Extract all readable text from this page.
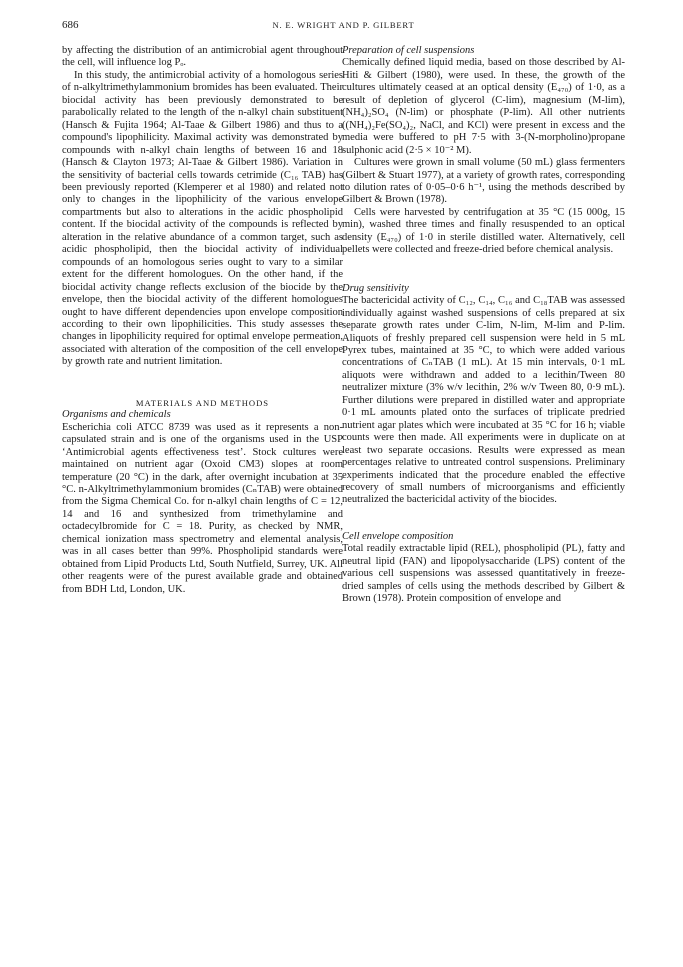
686	N. E. WRIGHT AND P. GILBERT

by affecting the distribution of an antimicrobial agent throughout the cell, will influence log Pₒ.

In this study, the antimicrobial activity of a homologous series of n-alkyltrimethylammonium bromides has been evaluated. Their biocidal activity has been previously demonstrated to be parabolically related to the length of the n-alkyl chain substituent (Hansch & Fujita 1964; Al-Taae & Gilbert 1986) and thus to a compound's lipophilicity. Maximal activity was demonstrated by compounds with n-alkyl chain lengths of between 16 and 18 (Hansch & Clayton 1973; Al-Taae & Gilbert 1986). Variation in the sensitivity of bacterial cells towards cetrimide (C₁₆ TAB) has been previously reported (Klemperer et al 1980) and related not only to changes in the lipophilicity of the various envelope compartments but also to alterations in the acidic phospholipid content. If the biocidal activity of the compounds is reflected by alteration in the relative abundance of a common target, such as acidic phospholipid, then the biocidal activity of individual compounds of an homologous series ought to vary to a similar extent for the different homologues. On the other hand, if the biocidal activity change reflects exclusion of the biocide by the envelope, then the biocidal activity of the different homologues ought to have different dependencies upon envelope composition according to their own lipophilicities. This study assesses the changes in lipophilicity required for optimal envelope permeation, associated with alteration of the composition of the cell envelope by growth rate and nutrient limitation.

MATERIALS AND METHODS

Organisms and chemicals

Escherichia coli ATCC 8739 was used as it represents a non-capsulated strain and is one of the organisms used in the USP ‘Antimicrobial agents effectiveness test’. Stock cultures were maintained on nutrient agar (Oxoid CM3) slopes at room temperature (20 °C) in the dark, after overnight incubation at 35 °C. n-Alkyltrimethylammonium bromides (CₙTAB) were obtained from the Sigma Chemical Co. for n-alkyl chain lengths of C = 12, 14 and 16 and synthesized from trimethylamine and octadecylbromide for C = 18. Purity, as checked by NMR, chemical ionization mass spectrometry and elemental analysis, was in all cases better than 99%. Phospholipid standards were obtained from Lipid Products Ltd, South Nutfield, Surrey, UK. All other reagents were of the purest available grade and obtained from BDH Ltd, London, UK.

Preparation of cell suspensions

Chemically defined liquid media, based on those described by Al-Hiti & Gilbert (1980), were used. In these, the growth of the cultures ultimately ceased at an optical density (E₄₇₀) of 1·0, as a result of depletion of glycerol (C-lim), magnesium (M-lim), (NH₄)₂SO₄ (N-lim) or phosphate (P-lim). All other nutrients ((NH₄)₂Fe(SO₄)₂, NaCl, and KCl) were present in excess and the media were buffered to pH 7·5 with 3-(N-morpholino)propane sulphonic acid (2·5 × 10⁻² M).

Cultures were grown in small volume (50 mL) glass fermenters (Gilbert & Stuart 1977), at a variety of growth rates, corresponding to dilution rates of 0·05–0·6 h⁻¹, using the methods described by Gilbert & Brown (1978).

Cells were harvested by centrifugation at 35 °C (15 000g, 15 min), washed three times and finally resuspended to an optical density (E₄₇₀) of 1·0 in sterile distilled water. Alternatively, cell pellets were collected and freeze-dried before chemical analysis.

Drug sensitivity

The bactericidal activity of C₁₂, C₁₄, C₁₆ and C₁₈TAB was assessed individually against washed suspensions of cells prepared at six separate growth rates under C-lim, N-lim, M-lim and P-lim. Aliquots of freshly prepared cell suspension were held in 5 mL Pyrex tubes, maintained at 35 °C, to which were added various concentrations of CₙTAB (1 mL). At 15 min intervals, 0·1 mL aliquots were withdrawn and added to a lecithin/Tween 80 neutralizer mixture (3% w/v lecithin, 2% w/v Tween 80, 0·9 mL). Further dilutions were prepared in distilled water and appropriate 0·1 mL amounts plated onto the surfaces of triplicate predried nutrient agar plates which were incubated at 35 °C for 16 h; viable counts were then made. All experiments were in duplicate on at least two separate occasions. Results were expressed as mean percentages relative to untreated control suspensions. Preliminary experiments indicated that the procedure enabled the effective recovery of small numbers of microorganisms and efficiently neutralized the bactericidal activity of the biocides.

Cell envelope composition

Total readily extractable lipid (REL), phospholipid (PL), fatty and neutral lipid (FAN) and lipopolysaccharide (LPS) content of the various cell suspensions was assessed quantitatively in freeze-dried samples of cells using the methods described by Gilbert & Brown (1978). Protein composition of envelope and
